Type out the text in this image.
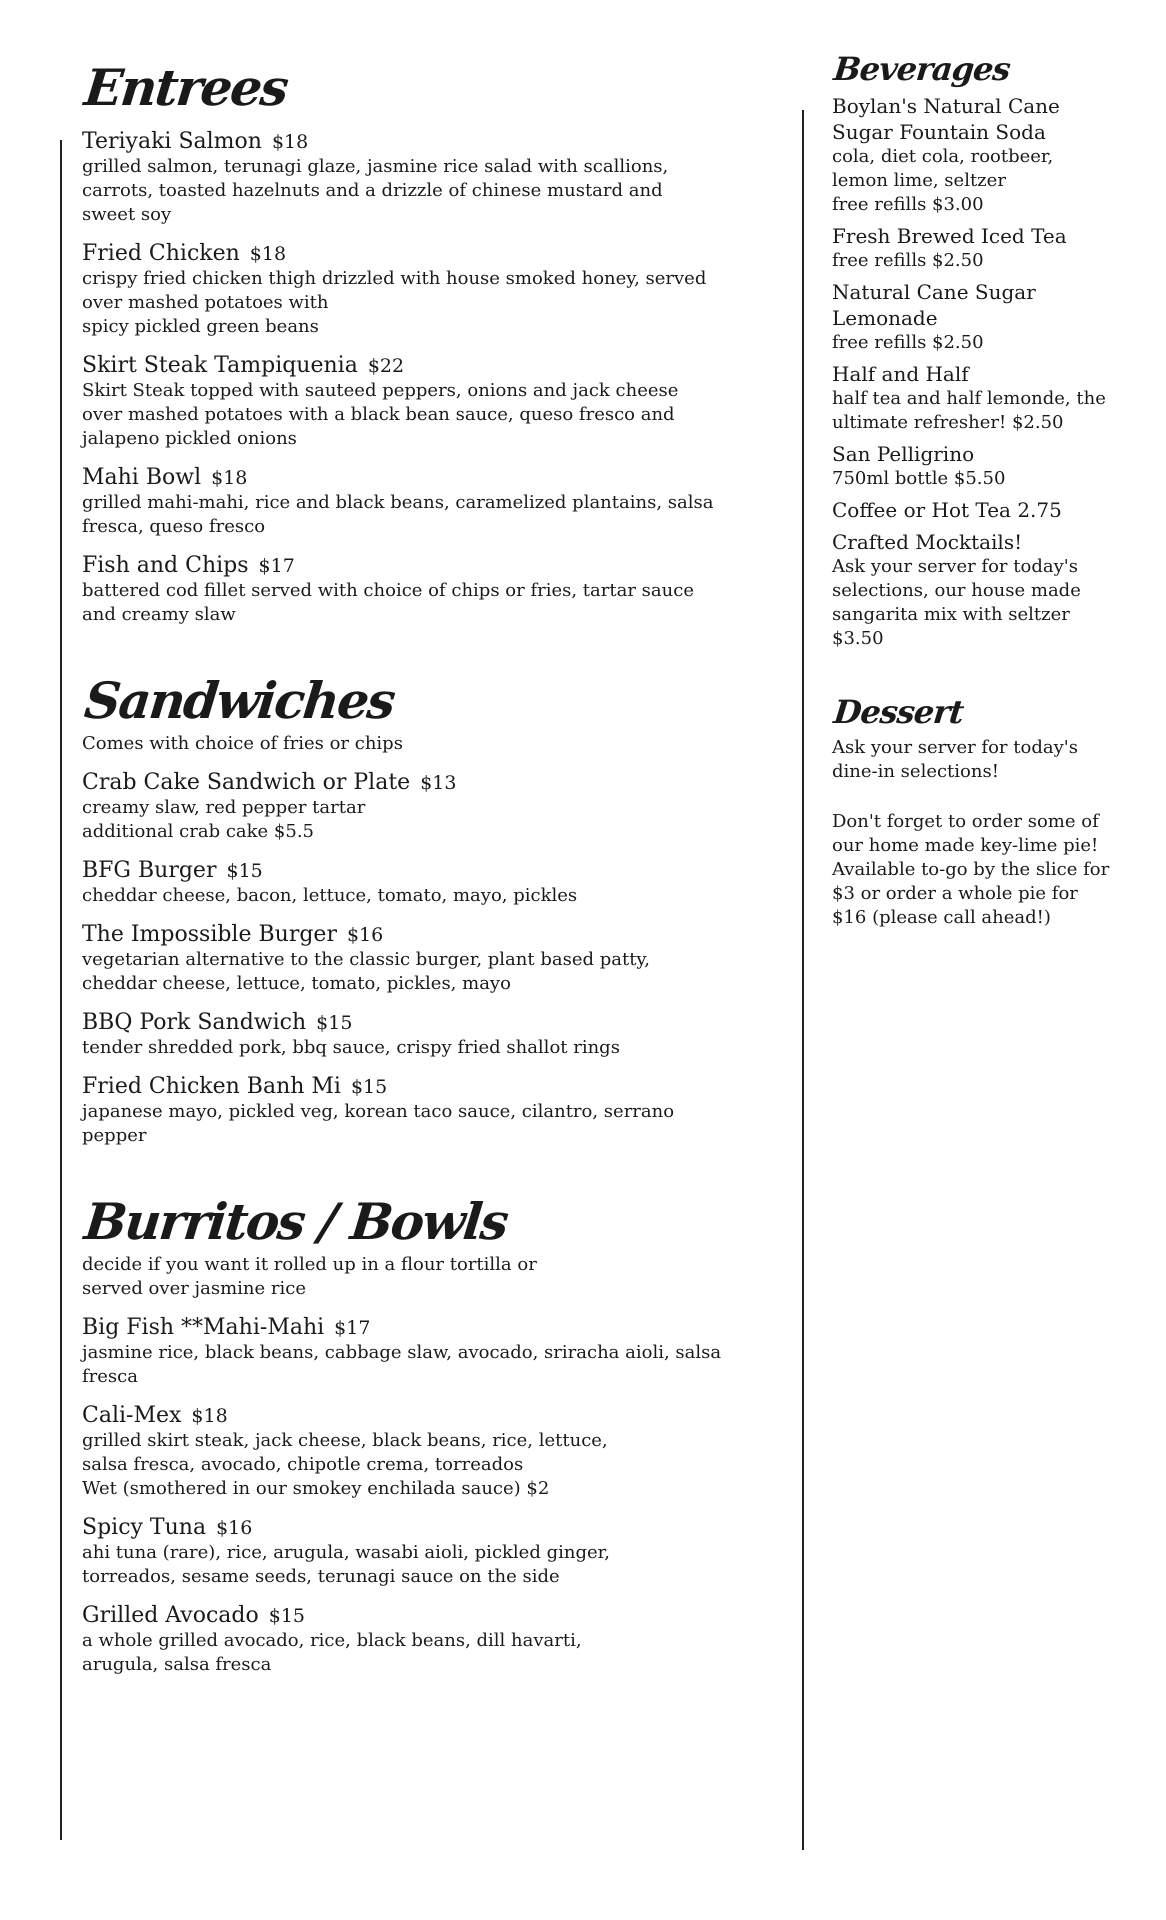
Entrees
Teriyaki Salmon $18
grilled salmon, terunagi glaze, jasmine rice salad with scallions,
carrots, toasted hazelnuts and a drizzle of chinese mustard and
sweet soy
Fried Chicken $18
crispy fried chicken thigh drizzled with house smoked honey, served
over mashed potatoes with
spicy pickled green beans
Skirt Steak Tampiquenia $22
Skirt Steak topped with sauteed peppers, onions and jack cheese
over mashed potatoes with a black bean sauce, queso fresco and
jalapeno pickled onions
Mahi Bowl $18
grilled mahi-mahi, rice and black beans, caramelized plantains, salsa
fresca, queso fresco
Fish and Chips $17
battered cod fillet served with choice of chips or fries, tartar sauce
and creamy slaw
Sandwiches
Comes with choice of fries or chips
Crab Cake Sandwich or Plate $13
creamy slaw, red pepper tartar
additional crab cake $5.5
BFG Burger $15
cheddar cheese, bacon, lettuce, tomato, mayo, pickles
The Impossible Burger $16
vegetarian alternative to the classic burger, plant based patty,
cheddar cheese, lettuce, tomato, pickles, mayo
BBQ Pork Sandwich $15
tender shredded pork, bbq sauce, crispy fried shallot rings
Fried Chicken Banh Mi $15
japanese mayo, pickled veg, korean taco sauce, cilantro, serrano
pepper
Burritos / Bowls
decide if you want it rolled up in a flour tortilla or
served over jasmine rice
Big Fish **Mahi-Mahi $17
jasmine rice, black beans, cabbage slaw, avocado, sriracha aioli, salsa
fresca
Cali-Mex $18
grilled skirt steak, jack cheese, black beans, rice, lettuce,
salsa fresca, avocado, chipotle crema, torreados
Wet (smothered in our smokey enchilada sauce) $2
Spicy Tuna $16
ahi tuna (rare), rice, arugula, wasabi aioli, pickled ginger,
torreados, sesame seeds, terunagi sauce on the side
Grilled Avocado $15
a whole grilled avocado, rice, black beans, dill havarti,
arugula, salsa fresca
Beverages
Boylan's Natural Cane
Sugar Fountain Soda
cola, diet cola, rootbeer,
lemon lime, seltzer
free refills $3.00
Fresh Brewed Iced Tea
free refills $2.50
Natural Cane Sugar
Lemonade
free refills $2.50
Half and Half
half tea and half lemonde, the
ultimate refresher! $2.50
San Pelligrino
750ml bottle $5.50
Coffee or Hot Tea 2.75
Crafted Mocktails!
Ask your server for today's
selections, our house made
sangarita mix with seltzer
$3.50
Dessert

Ask your server for today's
dine-in selections!

Don't forget to order some of
our home made key-lime pie!
Available to-go by the slice for
$3 or order a whole pie for
$16 (please call ahead!)
